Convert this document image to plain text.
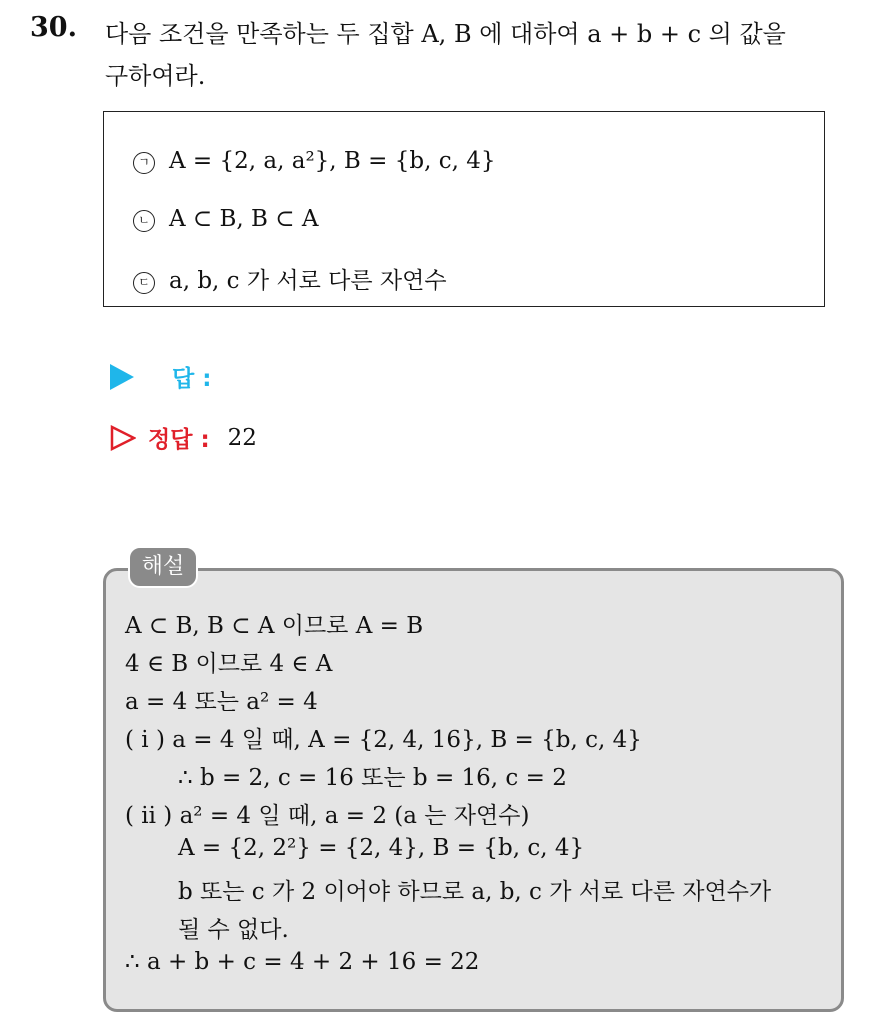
30. 다음 조건을 만족하는 두 집합 A, B 에 대하여 a + b + c 의 값을
구하여라.
ㄱ A = {2, a, a²}, B = {b, c, 4}
ㄴ A ⊂ B, B ⊂ A
ㄷ a, b, c 가 서로 다른 자연수
답 :
정답 : 22
해설
A ⊂ B, B ⊂ A 이므로 A = B
4 ∈ B 이므로 4 ∈ A
a = 4 또는 a² = 4
( i ) a = 4 일 때, A = {2, 4, 16}, B = {b, c, 4}
∴ b = 2, c = 16 또는 b = 16, c = 2
( ii ) a² = 4 일 때, a = 2 (a 는 자연수)
A = {2, 2²} = {2, 4}, B = {b, c, 4}
b 또는 c 가 2 이어야 하므로 a, b, c 가 서로 다른 자연수가
될 수 없다.
∴ a + b + c = 4 + 2 + 16 = 22
